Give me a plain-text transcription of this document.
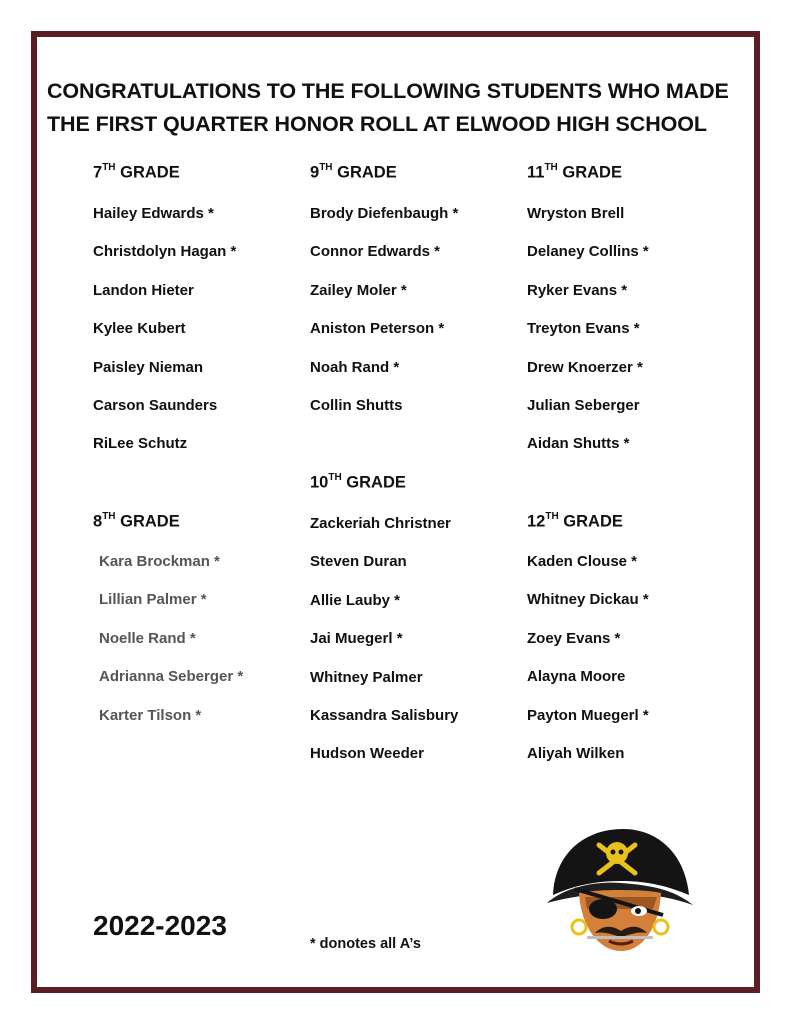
CONGRATULATIONS TO THE FOLLOWING STUDENTS WHO MADE
THE FIRST QUARTER HONOR ROLL AT ELWOOD HIGH SCHOOL
7TH GRADE
Hailey Edwards *
Christdolyn Hagan *
Landon Hieter
Kylee Kubert
Paisley Nieman
Carson Saunders
RiLee Schutz
8TH GRADE
Kara Brockman *
Lillian Palmer *
Noelle Rand *
Adrianna Seberger *
Karter Tilson *
9TH GRADE
Brody Diefenbaugh *
Connor Edwards *
Zailey Moler *
Aniston Peterson *
Noah Rand *
Collin Shutts
10TH GRADE
Zackeriah Christner
Steven Duran
Allie Lauby *
Jai Muegerl *
Whitney Palmer
Kassandra Salisbury
Hudson Weeder
11TH GRADE
Wryston Brell
Delaney Collins *
Ryker Evans *
Treyton Evans *
Drew Knoerzer *
Julian Seberger
Aidan Shutts *
12TH GRADE
Kaden Clouse *
Whitney Dickau *
Zoey Evans *
Alayna Moore
Payton Muegerl *
Aliyah Wilken
2022-2023
* donotes all A’s
